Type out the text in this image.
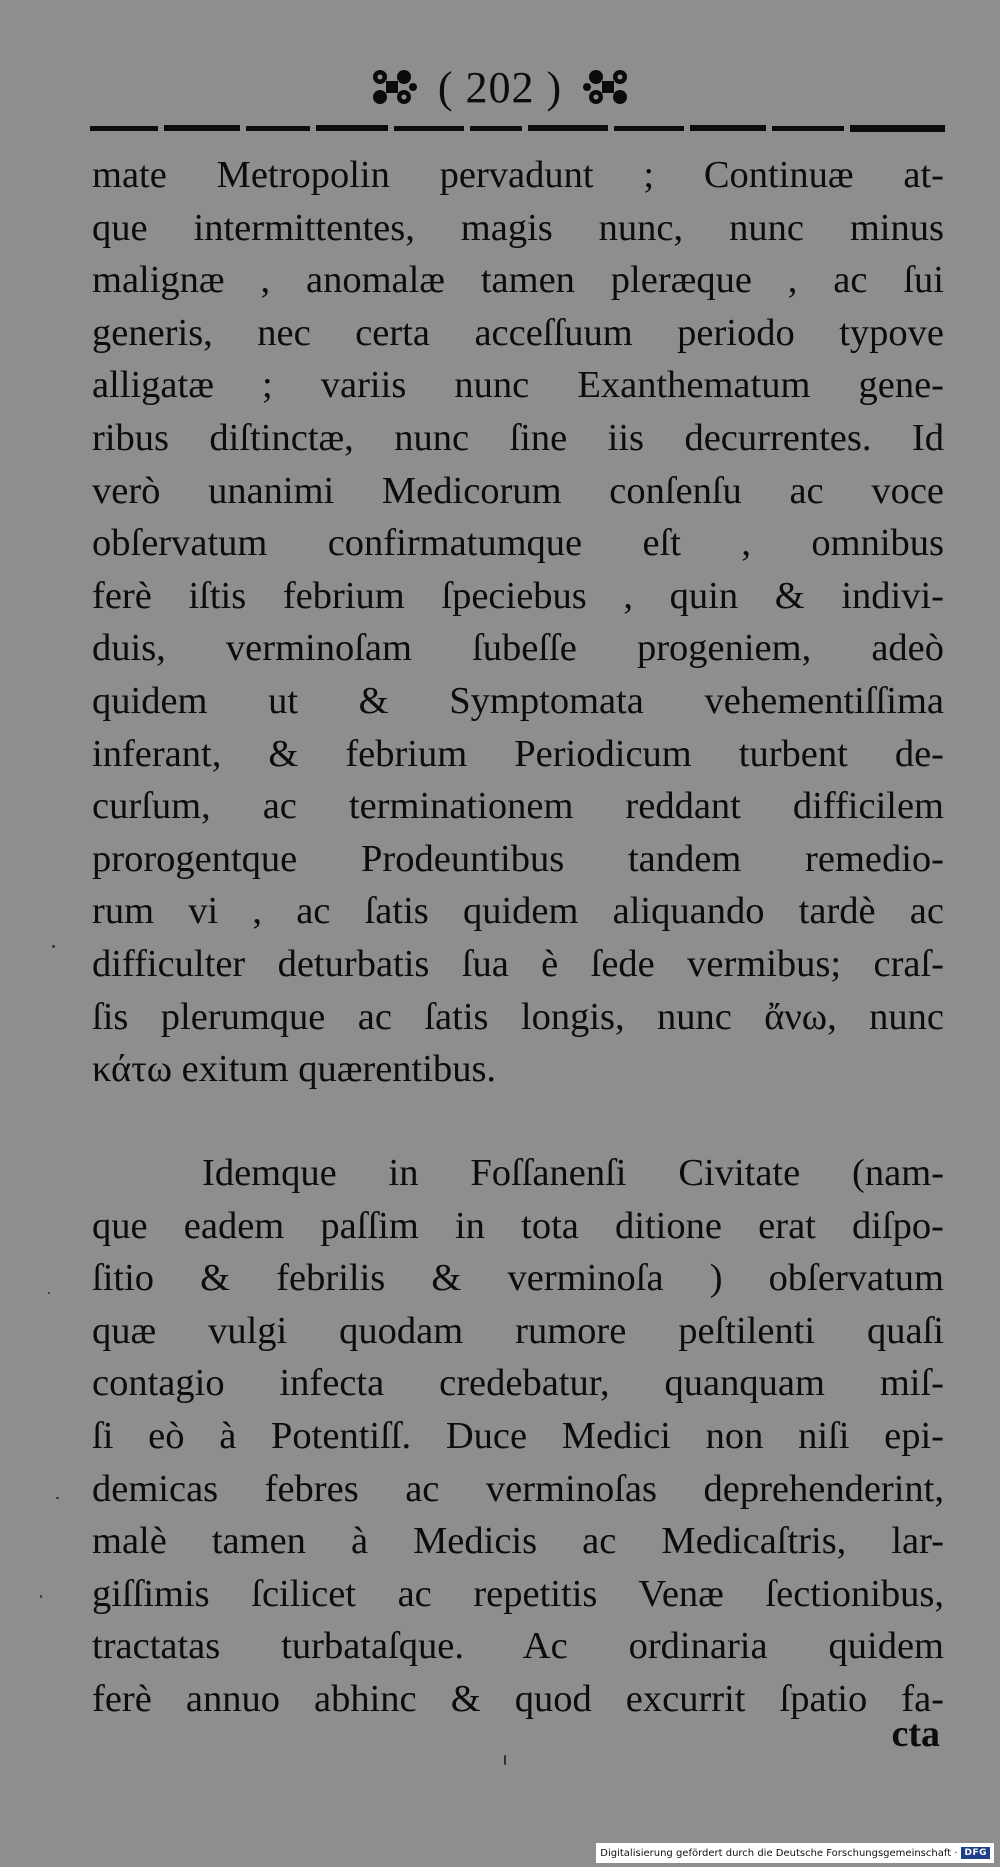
( 202 )
mate Metropolin pervadunt ; Continuæ at-
que intermittentes, magis nunc, nunc minus
malignæ , anomalæ tamen pleræque , ac ſui
generis, nec certa acceſſuum periodo typove
alligatæ ; variis nunc Exanthematum gene-
ribus diſtinctæ, nunc ſine iis decurrentes. Id
verò unanimi Medicorum conſenſu ac voce
obſervatum confirmatumque eſt , omnibus
ferè iſtis febrium ſpeciebus , quin & indivi-
duis, verminoſam ſubeſſe progeniem, adeò
quidem ut & Symptomata vehementiſſima
inferant, & febrium Periodicum turbent de-
curſum, ac terminationem reddant difficilem
prorogentque Prodeuntibus tandem remedio-
rum vi , ac ſatis quidem aliquando tardè ac
difficulter deturbatis ſua è ſede vermibus; craſ-
ſis plerumque ac ſatis longis, nunc ἄνω, nunc
κάτω exitum quærentibus.
Idemque in Foſſanenſi Civitate (nam-
que eadem paſſim in tota ditione erat diſpo-
ſitio & febrilis & verminoſa ) obſervatum
quæ vulgi quodam rumore peſtilenti quaſi
contagio infecta credebatur, quanquam miſ-
ſi eò à Potentiſſ. Duce Medici non niſi epi-
demicas febres ac verminoſas deprehenderint,
malè tamen à Medicis ac Medicaſtris, lar-
giſſimis ſcilicet ac repetitis Venæ ſectionibus,
tractatas turbataſque. Ac ordinaria quidem
ferè annuo abhinc & quod excurrit ſpatio fa-
cta
Digitalisierung gefördert durch die Deutsche Forschungsgemeinschaft · DFG
